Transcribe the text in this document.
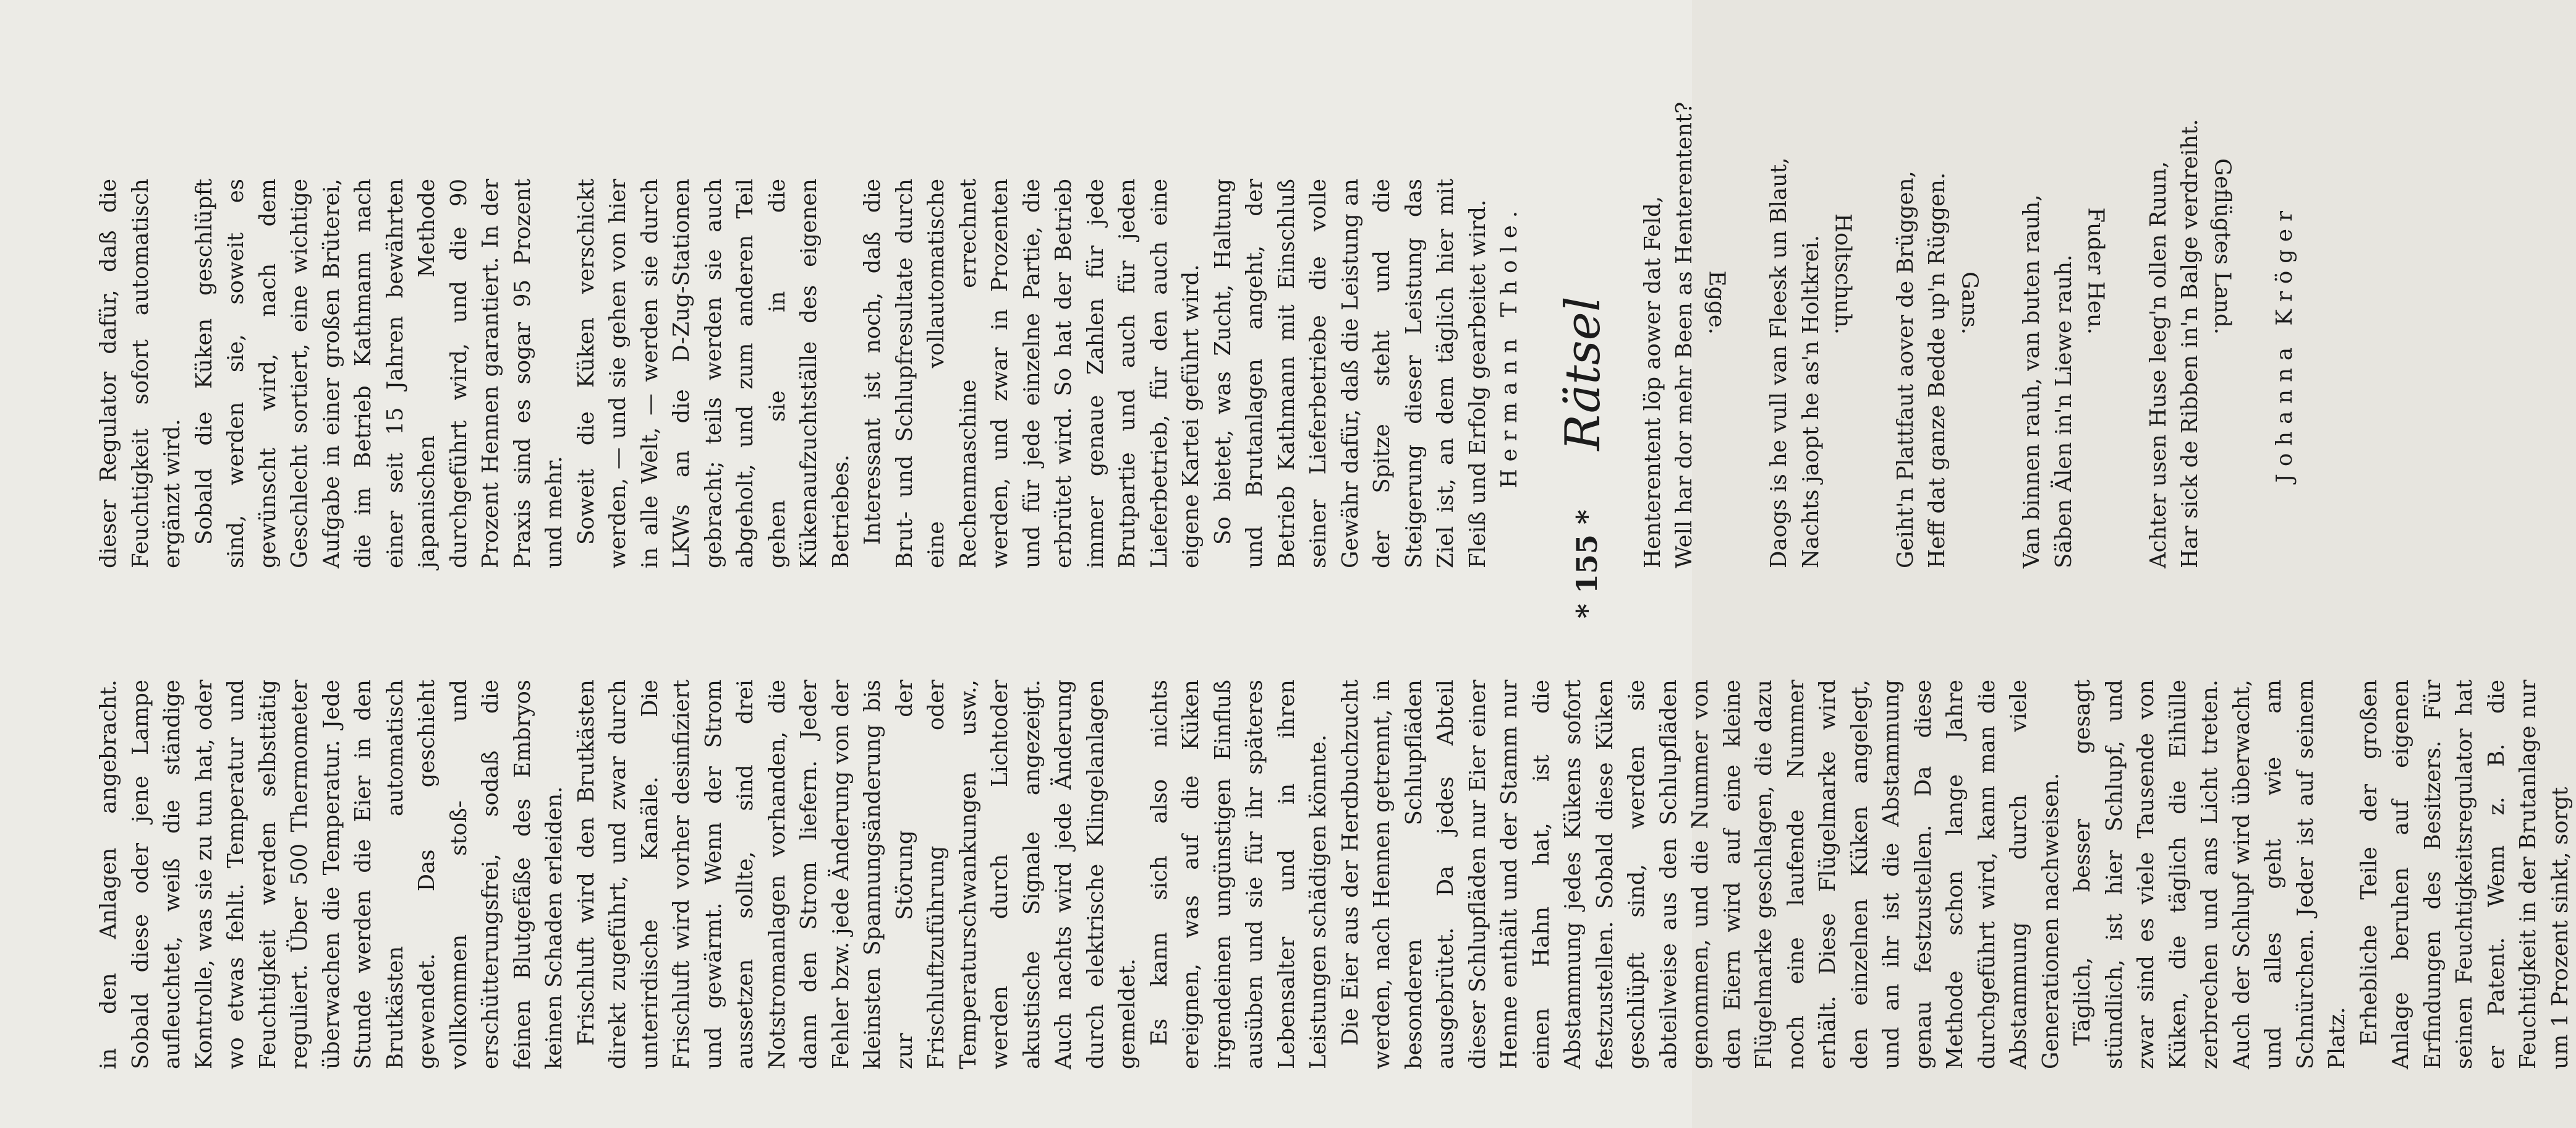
in den Anlagen angebracht. Sobald diese oder jene Lampe aufleuchtet, weiß die ständige Kontrolle, was sie zu tun hat, oder wo etwas fehlt. Temperatur und Feuchtigkeit werden selbsttätig reguliert. Über 500 Thermometer überwachen die Temperatur. Jede Stunde werden die Eier in den Brutkästen automatisch gewendet. Das geschieht vollkommen stoß- und erschütterungsfrei, sodaß die feinen Blutgefäße des Embryos keinen Schaden erleiden. Frischluft wird den Brutkästen direkt zugeführt, und zwar durch unterirdische Kanäle. Die Frischluft wird vorher desinfiziert und gewärmt. Wenn der Strom aussetzen sollte, sind drei Notstromanlagen vorhanden, die dann den Strom liefern. Jeder Fehler bzw. jede Änderung von der kleinsten Spannungsänderung bis zur Störung der Frischluftzuführung oder Temperaturschwankungen usw., werden durch Lichtoder akustische Signale angezeigt. Auch nachts wird jede Änderung durch elektrische Klingelanlagen gemeldet. Es kann sich also nichts ereignen, was auf die Küken irgendeinen ungünstigen Einfluß ausüben und sie für ihr späteres Lebensalter und in ihren Leistungen schädigen könnte. Die Eier aus der Herdbuchzucht werden, nach Hennen getrennt, in besonderen Schlupfläden ausgebrütet. Da jedes Abteil dieser Schlupfläden nur Eier einer Henne enthält und der Stamm nur einen Hahn hat, ist die Abstammung jedes Kükens sofort festzustellen. Sobald diese Küken geschlüpft sind, werden sie abteilweise aus den Schlupfläden genommen, und die Nummer von den Eiern wird auf eine kleine Flügelmarke geschlagen, die dazu noch eine laufende Nummer erhält. Diese Flügelmarke wird den einzelnen Küken angelegt, und an ihr ist die Abstammung genau festzustellen. Da diese Methode schon lange Jahre durchgeführt wird, kann man die Abstammung durch viele Generationen nachweisen. Täglich, besser gesagt stündlich, ist hier Schlupf, und zwar sind es viele Tausende von Küken, die täglich die Eihülle zerbrechen und ans Licht treten. Auch der Schlupf wird überwacht, und alles geht wie am Schnürchen. Jeder ist auf seinem Platz. Erhebliche Teile der großen Anlage beruhen auf eigenen Erfindungen des Besitzers. Für seinen Feuchtigkeitsregulator hat er Patent. Wenn z. B. die Feuchtigkeit in der Brutanlage nur um 1 Prozent sinkt, sorgt

dieser Regulator dafür, daß die Feuchtigkeit sofort automatisch ergänzt wird. Sobald die Küken geschlüpft sind, werden sie, soweit es gewünscht wird, nach dem Geschlecht sortiert, eine wichtige Aufgabe in einer großen Brüterei, die im Betrieb Kathmann nach einer seit 15 Jahren bewährten japanischen Methode durchgeführt wird, und die 90 Prozent Hennen garantiert. In der Praxis sind es sogar 95 Prozent und mehr. Soweit die Küken verschickt werden, — und sie gehen von hier in alle Welt, — werden sie durch LKWs an die D-Zug-Stationen gebracht; teils werden sie auch abgeholt, und zum anderen Teil gehen sie in die Kükenaufzuchtställe des eigenen Betriebes. Interessant ist noch, daß die Brut- und Schlupfresultate durch eine vollautomatische Rechenmaschine errechnet werden, und zwar in Prozenten und für jede einzelne Partie, die erbrütet wird. So hat der Betrieb immer genaue Zahlen für jede Brutpartie und auch für jeden Lieferbetrieb, für den auch eine eigene Kartei geführt wird. So bietet, was Zucht, Haltung und Brutanlagen angeht, der Betrieb Kathmann mit Einschluß seiner Lieferbetriebe die volle Gewähr dafür, daß die Leistung an der Spitze steht und die Steigerung dieser Leistung das Ziel ist, an dem täglich hier mit Fleiß und Erfolg gearbeitet wird. Hermann Thole. Rätsel	Henterentent löp aower dat Feld, Well har dor mehr Been as Henterentent? Egge. Daogs is he vull van Fleesk un Blaut, Nachts jaopt he as'n Holtkrei. Holtschuh. Geiht'n Plattfaut aover de Brüggen, Heff dat ganze Bedde up'n Rüggen. Gans. Van binnen rauh, van buten rauh, Säben Älen in'n Liewe rauh. Fuder Heu. Achter usen Huse leeg'n ollen Ruun, Har sick de Ribben in'n Balge verdreiht. Geflügtes Land. Johanna Kröger

* 155 *
